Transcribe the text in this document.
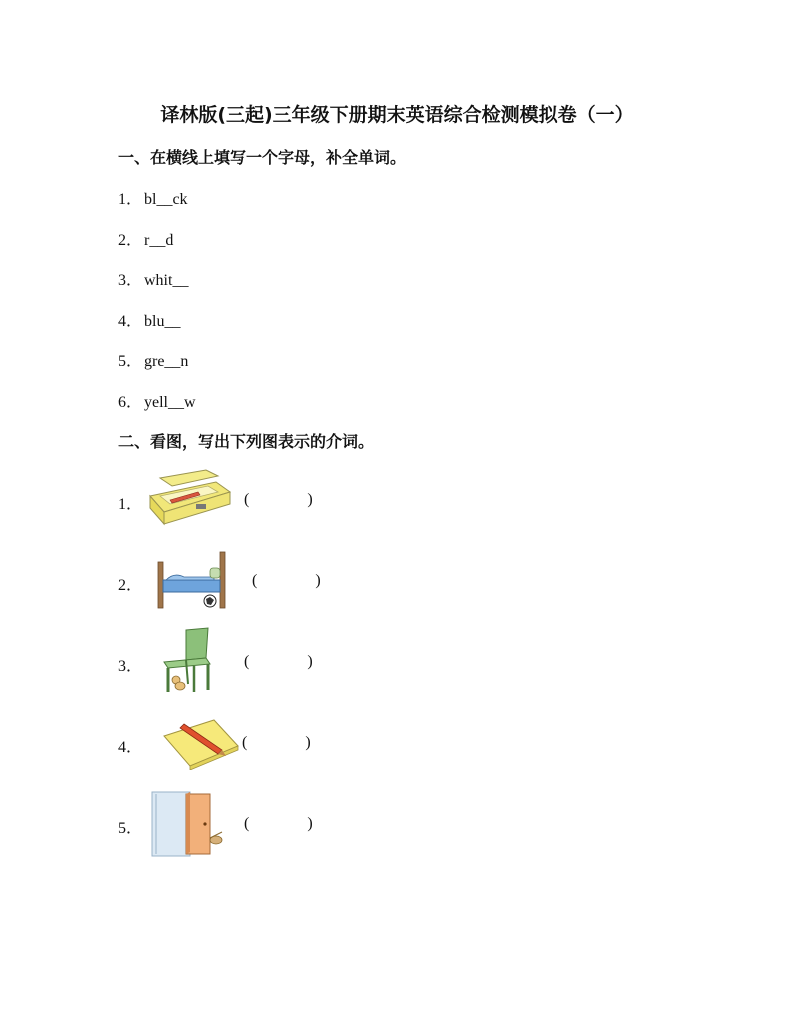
译林版(三起)三年级下册期末英语综合检测模拟卷（一）
一、在横线上填写一个字母，补全单词。
1． bl__ck
2． r__d
3． whit__
4． blu__
5． gre__n
6． yell__w
二、看图，写出下列图表示的介词。
1．	(	)
2．	(	)
3．	(	)
4．	(	)
5．	(	)
